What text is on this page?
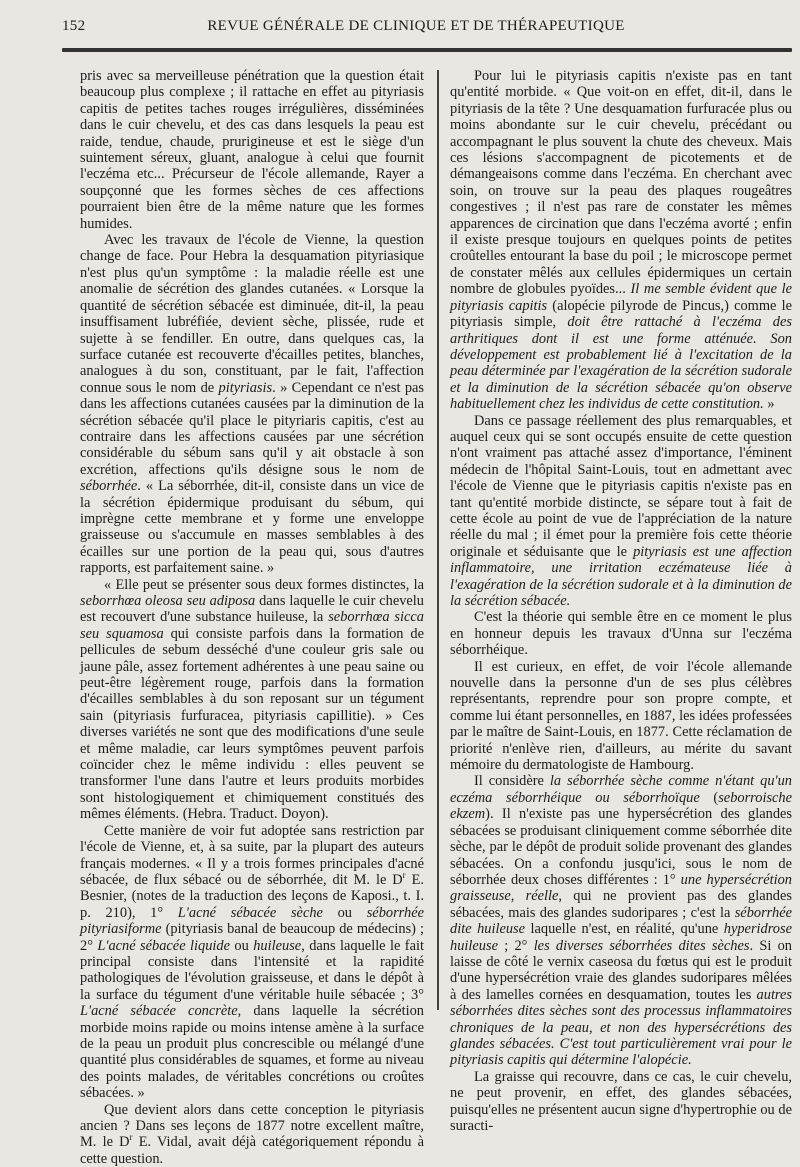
152	REVUE GÉNÉRALE DE CLINIQUE ET DE THÉRAPEUTIQUE

pris avec sa merveilleuse pénétration que la question était beaucoup plus complexe ; il rattache en effet au pityriasis capitis de petites taches rouges irrégulières, disséminées dans le cuir chevelu, et des cas dans lesquels la peau est raide, tendue, chaude, prurigineuse et est le siège d'un suintement séreux, gluant, analogue à celui que fournit l'eczéma etc... Précurseur de l'école allemande, Rayer a soupçonné que les formes sèches de ces affections pourraient bien être de la même nature que les formes humides.

Avec les travaux de l'école de Vienne, la question change de face. Pour Hebra la desquamation pityriasique n'est plus qu'un symptôme : la maladie réelle est une anomalie de sécrétion des glandes cutanées. « Lorsque la quantité de sécrétion sébacée est diminuée, dit-il, la peau insuffisament lubréfiée, devient sèche, plissée, rude et sujette à se fendiller. En outre, dans quelques cas, la surface cutanée est recouverte d'écailles petites, blanches, analogues à du son, constituant, par le fait, l'affection connue sous le nom de pityriasis. » Cependant ce n'est pas dans les affections cutanées causées par la diminution de la sécrétion sébacée qu'il place le pityriaris capitis, c'est au contraire dans les affections causées par une sécrétion considérable du sébum sans qu'il y ait obstacle à son excrétion, affections qu'ils désigne sous le nom de séborrhée. « La séborrhée, dit-il, consiste dans un vice de la sécrétion épidermique produisant du sébum, qui imprègne cette membrane et y forme une enveloppe graisseuse ou s'accumule en masses semblables à des écailles sur une portion de la peau qui, sous d'autres rapports, est parfaitement saine. »

« Elle peut se présenter sous deux formes distinctes, la seborrhœa oleosa seu adiposa dans laquelle le cuir chevelu est recouvert d'une substance huileuse, la seborrhœa sicca seu squamosa qui consiste parfois dans la formation de pellicules de sebum desséché d'une couleur gris sale ou jaune pâle, assez fortement adhérentes à une peau saine ou peut-être légèrement rouge, parfois dans la formation d'écailles semblables à du son reposant sur un tégument sain (pityriasis furfuracea, pityriasis capillitie). » Ces diverses variétés ne sont que des modifications d'une seule et même maladie, car leurs symptômes peuvent parfois coïncider chez le même individu : elles peuvent se transformer l'une dans l'autre et leurs produits morbides sont histologiquement et chimiquement constitués des mêmes éléments. (Hebra. Traduct. Doyon).

Cette manière de voir fut adoptée sans restriction par l'école de Vienne, et, à sa suite, par la plupart des auteurs français modernes. « Il y a trois formes principales d'acné sébacée, de flux sébacé ou de séborrhée, dit M. le $D^r$ E. Besnier, (notes de la traduction des leçons de Kaposi., t. I. p. 210), 1° L'acné sébacée sèche ou séborrhée pityriasiforme (pityriasis banal de beaucoup de médecins) ; 2° L'acné sébacée liquide ou huileuse, dans laquelle le fait principal consiste dans l'intensité et la rapidité pathologiques de l'évolution graisseuse, et dans le dépôt à la surface du tégument d'une véritable huile sébacée ; 3° L'acné sébacée concrète, dans laquelle la sécrétion morbide moins rapide ou moins intense amène à la surface de la peau un produit plus concrescible ou mélangé d'une quantité plus considérables de squames, et forme au niveau des points malades, de véritables concrétions ou croûtes sébacées. »

Que devient alors dans cette conception le pityriasis ancien ? Dans ses leçons de 1877 notre excellent maître, M. le $D^r$ E. Vidal, avait déjà catégoriquement répondu à cette question.

Pour lui le pityriasis capitis n'existe pas en tant qu'entité morbide. « Que voit-on en effet, dit-il, dans le pityriasis de la tête ? Une desquamation furfuracée plus ou moins abondante sur le cuir chevelu, précédant ou accompagnant le plus souvent la chute des cheveux. Mais ces lésions s'accompagnent de picotements et de démangeaisons comme dans l'eczéma. En cherchant avec soin, on trouve sur la peau des plaques rougeâtres congestives ; il n'est pas rare de constater les mêmes apparences de circination que dans l'eczéma avorté ; enfin il existe presque toujours en quelques points de petites croûtelles entourant la base du poil ; le microscope permet de constater mêlés aux cellules épidermiques un certain nombre de globules pyoïdes... Il me semble évident que le pityriasis capitis (alopécie pilyrode de Pincus,) comme le pityriasis simple, doit être rattaché à l'eczéma des arthritiques dont il est une forme atténuée. Son développement est probablement lié à l'excitation de la peau déterminée par l'exagération de la sécrétion sudorale et la diminution de la sécrétion sébacée qu'on observe habituellement chez les individus de cette constitution. »

Dans ce passage réellement des plus remarquables, et auquel ceux qui se sont occupés ensuite de cette question n'ont vraiment pas attaché assez d'importance, l'éminent médecin de l'hôpital Saint-Louis, tout en admettant avec l'école de Vienne que le pityriasis capitis n'existe pas en tant qu'entité morbide distincte, se sépare tout à fait de cette école au point de vue de l'appréciation de la nature réelle du mal ; il émet pour la première fois cette théorie originale et séduisante que le pityriasis est une affection inflammatoire, une irritation eczémateuse liée à l'exagération de la sécrétion sudorale et à la diminution de la sécrétion sébacée.

C'est la théorie qui semble être en ce moment le plus en honneur depuis les travaux d'Unna sur l'eczéma séborrhéique.

Il est curieux, en effet, de voir l'école allemande nouvelle dans la personne d'un de ses plus célèbres représentants, reprendre pour son propre compte, et comme lui étant personnelles, en 1887, les idées professées par le maître de Saint-Louis, en 1877. Cette réclamation de priorité n'enlève rien, d'ailleurs, au mérite du savant mémoire du dermatologiste de Hambourg.

Il considère la séborrhée sèche comme n'étant qu'un eczéma séborrhéique ou séborrhoïque (seborroische ekzem). Il n'existe pas une hypersécrétion des glandes sébacées se produisant cliniquement comme séborrhée dite sèche, par le dépôt de produit solide provenant des glandes sébacées. On a confondu jusqu'ici, sous le nom de séborrhée deux choses différentes : 1° une hypersécrétion graisseuse, réelle, qui ne provient pas des glandes sébacées, mais des glandes sudoripares ; c'est la séborrhée dite huileuse laquelle n'est, en réalité, qu'une hyperidrose huileuse ; 2° les diverses séborrhées dites sèches. Si on laisse de côté le vernix caseosa du fœtus qui est le produit d'une hypersécrétion vraie des glandes sudoripares mêlées à des lamelles cornées en desquamation, toutes les autres séborrhées dites sèches sont des processus inflammatoires chroniques de la peau, et non des hypersécrétions des glandes sébacées. C'est tout particulièrement vrai pour le pityriasis capitis qui détermine l'alopécie.

La graisse qui recouvre, dans ce cas, le cuir chevelu, ne peut provenir, en effet, des glandes sébacées, puisqu'elles ne présentent aucun signe d'hypertrophie ou de suracti-
